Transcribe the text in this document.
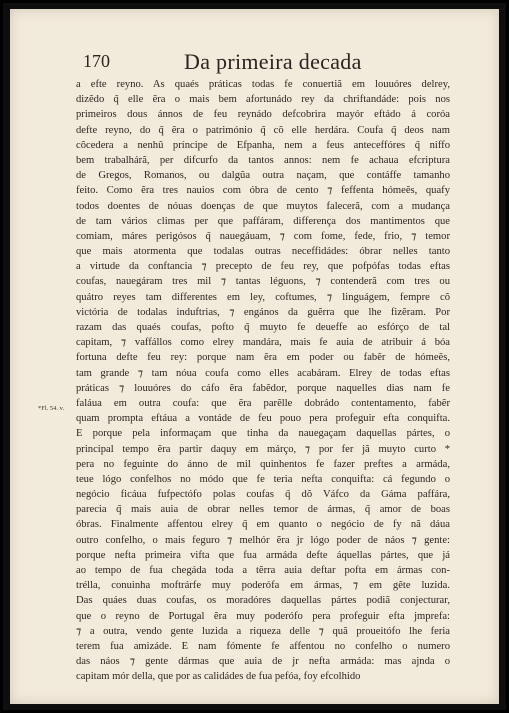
170	Da primeira decada
*Fl. 54. v.
a efte reyno. As quaés práticas todas fe conuertiã em louuóres delrey,
dizẽdo q̃ elle ẽra o mais bem afortunádo rey da chriftandáde: pois nos
primeiros dous ánnos de feu reynádo defcobrira mayór eftádo á coróa
defte reyno, do q̃ ẽra o património q̃ cõ elle herdára. Coufa q̃ deos nam
cõcedera a nenhũ príncipe de Efpanha, nem a feus anteceffóres q̃ niffo
bem trabalhárã, per difcurfo da tantos annos: nem fe achaua efcriptura
de Gregos, Romanos, ou dalgũa outra naçam, que contáffe tamanho
feito. Como ẽra tres nauios com óbra de cento ⁊ feffenta hómeẽs, quafy
todos doentes de nóuas doenças de que muytos falecerã, com a mudança
de tam vários climas per que paffáram, differença dos mantimentos que
comiam, máres perigósos q̃ nauegáuam, ⁊ com fome, fede, frio, ⁊ temor
que mais atormenta que todalas outras neceffidádes: óbrar nelles tanto
a virtude da conftancia ⁊ precepto de feu rey, que pofpófas todas eftas
coufas, nauegáram tres mil ⁊ tantas léguons, ⁊ contenderã com tres ou
quátro reyes tam differentes em ley, coftumes, ⁊ linguágem, fempre cõ
victória de todalas induftrias, ⁊ engános da guẽrra que lhe fizẽram. Por
razam das quaés coufas, pofto q̃ muyto fe deueffe ao esfórço de tal
capitam, ⁊ vaffállos como elrey mandára, mais fe auia de atribuir á bóa
fortuna defte feu rey: porque nam ẽra em poder ou fabẽr de hómeẽs,
tam grande ⁊ tam nóua coufa como elles acabáram. Elrey de todas eftas
práticas ⁊ louuóres do cáfo ẽra fabẽdor, porque naquelles dias nam fe
faláua em outra coufa: que ẽra parẽlle dobrádo contentamento, fabẽr
quam prompta eftáua a vontáde de feu pouo pera profeguir efta conquifta.
E porque pela informaçam que tinha da nauegaçam daquellas pártes, o
principal tempo ẽra partir daquy em márço, ⁊ por fer jã muyto curto *
pera no feguinte do ánno de mil quinhentos fe fazer preftes a armáda,
teue lógo confelhos no módo que fe teria nefta conquifta: cá fegundo o
negócio ficáua fufpectófo polas coufas q̃ dõ Váfco da Gáma paffára,
parecia q̃ mais auia de obrar nelles temor de ármas, q̃ amor de boas
óbras. Finalmente affentou elrey q̃ em quanto o negócio de fy nã dáua
outro confelho, o mais feguro ⁊ melhór ẽra jr lógo poder de náos ⁊ gente:
porque nefta primeira vifta que fua armáda defte áquellas pártes, que já
ao tempo de fua chegáda toda a tẽrra auia deftar pofta em ármas con-
trélla, conuinha moftrárfe muy poderófa em ármas, ⁊ em gẽte luzida.
Das quáes duas coufas, os moradóres daquellas pártes podiã conjecturar,
que o reyno de Portugal ẽra muy poderófo pera profeguir efta jmprefa:
⁊ a outra, vendo gente luzida a riqueza delle ⁊ quã proueitófo lhe feria
terem fua amizáde. E nam fómente fe affentou no confelho o numero
das náos ⁊ gente dármas que auia de jr nefta armáda: mas ajnda o
capitam mór della, que por as calidádes de fua pefóa, foy efcolhido
